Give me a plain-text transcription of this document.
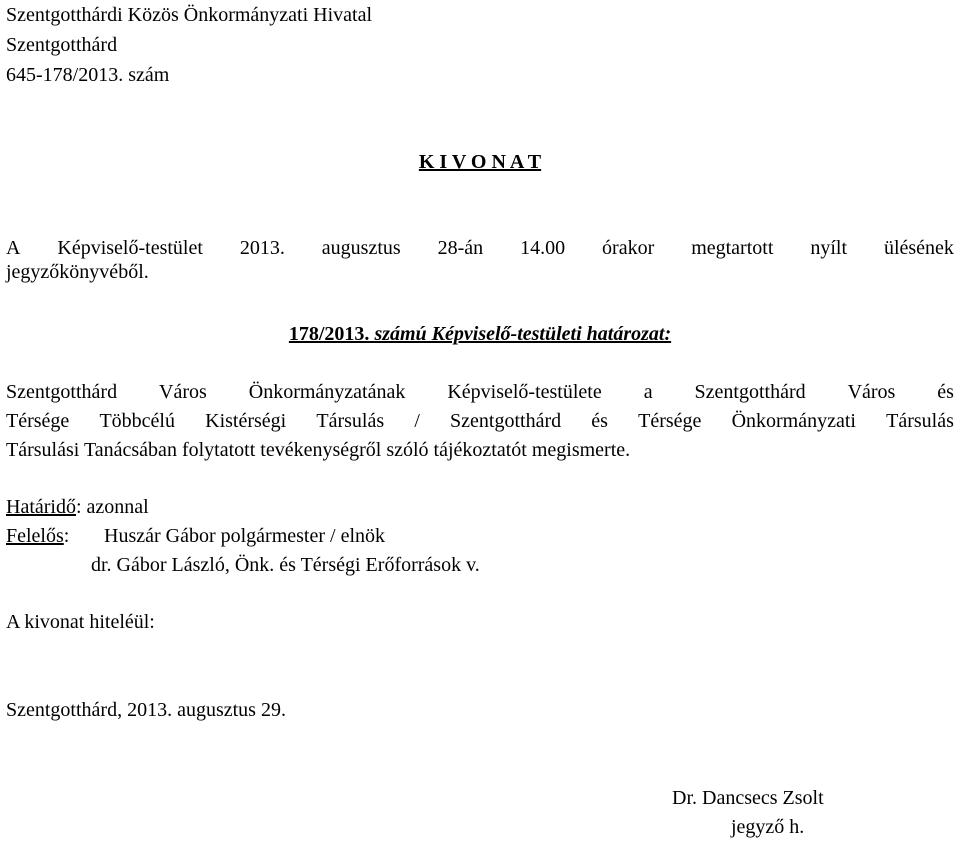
Szentgotthárdi Közös Önkormányzati Hivatal
Szentgotthárd
645-178/2013. szám
K I V O N A T
A Képviselő-testület 2013. augusztus 28-án 14.00 órakor megtartott nyílt ülésének
jegyzőkönyvéből.
178/2013. számú Képviselő-testületi határozat:
Szentgotthárd Város Önkormányzatának Képviselő-testülete a Szentgotthárd Város és
Térsége Többcélú Kistérségi Társulás / Szentgotthárd és Térsége Önkormányzati Társulás
Társulási Tanácsában folytatott tevékenységről szóló tájékoztatót megismerte.
Határidő: azonnal
Felelős: Huszár Gábor polgármester / elnök
dr. Gábor László, Önk. és Térségi Erőforrások v.
A kivonat hiteléül:
Szentgotthárd, 2013. augusztus 29.
Dr. Dancsecs Zsolt
jegyző h.
